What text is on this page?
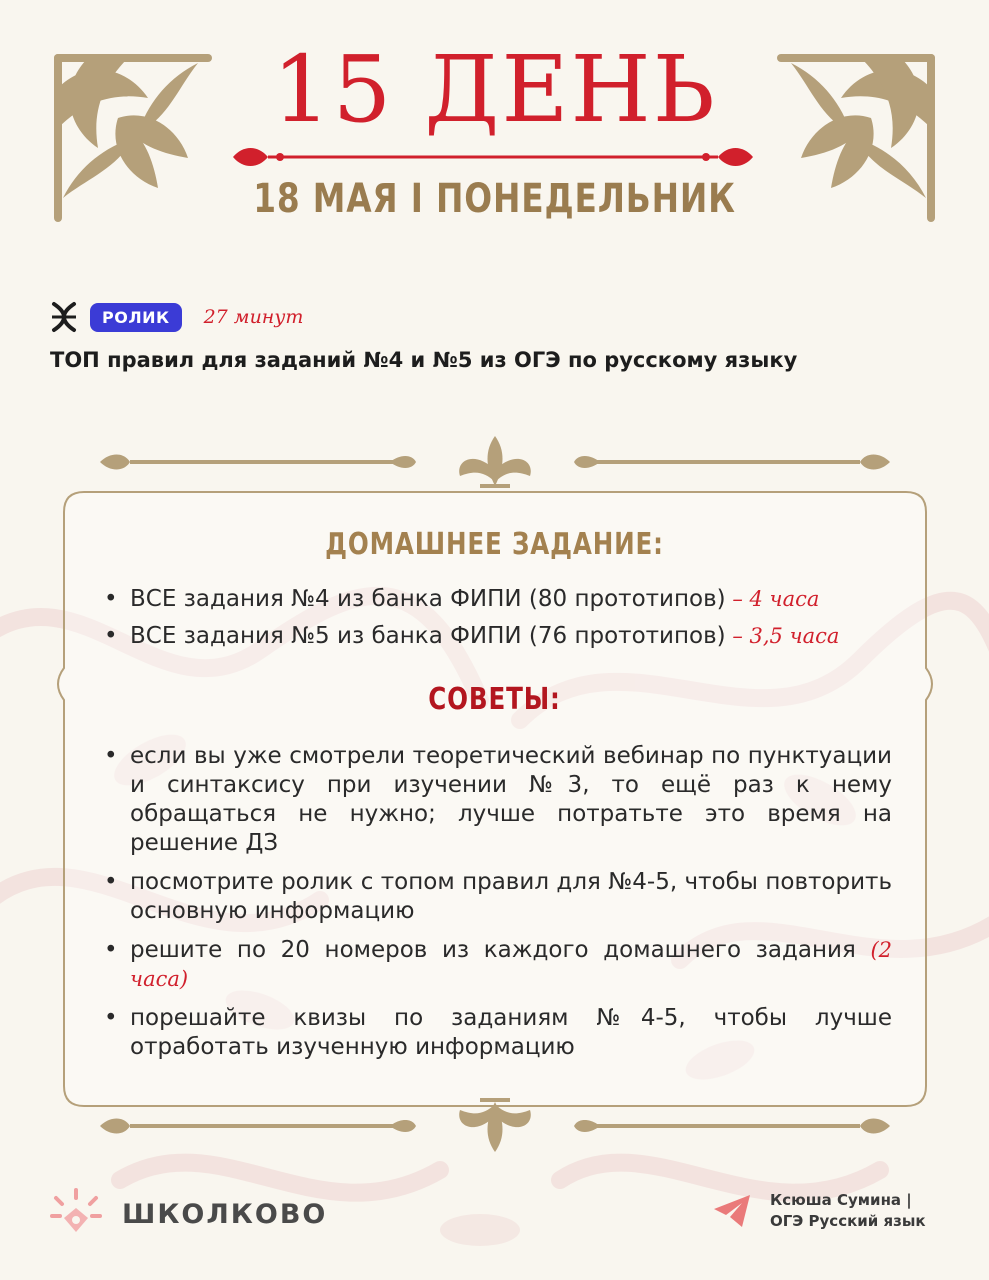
15 ДЕНЬ
18 МАЯ I ПОНЕДЕЛЬНИК
РОЛИК	27 минут
ТОП правил для заданий №4 и №5 из ОГЭ по русскому языку
ДОМАШНЕЕ ЗАДАНИЕ:
• ВСЕ задания №4 из банка ФИПИ (80 прототипов) – 4 часа
• ВСЕ задания №5 из банка ФИПИ (76 прототипов) – 3,5 часа
СОВЕТЫ:
• если вы уже смотрели теоретический вебинар по пунктуации и синтаксису при изучении №3, то ещё раз к нему обращаться не нужно; лучше потратьте это время на решение ДЗ
• посмотрите ролик с топом правил для №4-5, чтобы повторить основную информацию
• решите по 20 номеров из каждого домашнего задания (2 часа)
• порешайте квизы по заданиям №4-5, чтобы лучше отработать изученную информацию
ШКОЛКОВО	Ксюша Сумина |
ОГЭ Русский язык
